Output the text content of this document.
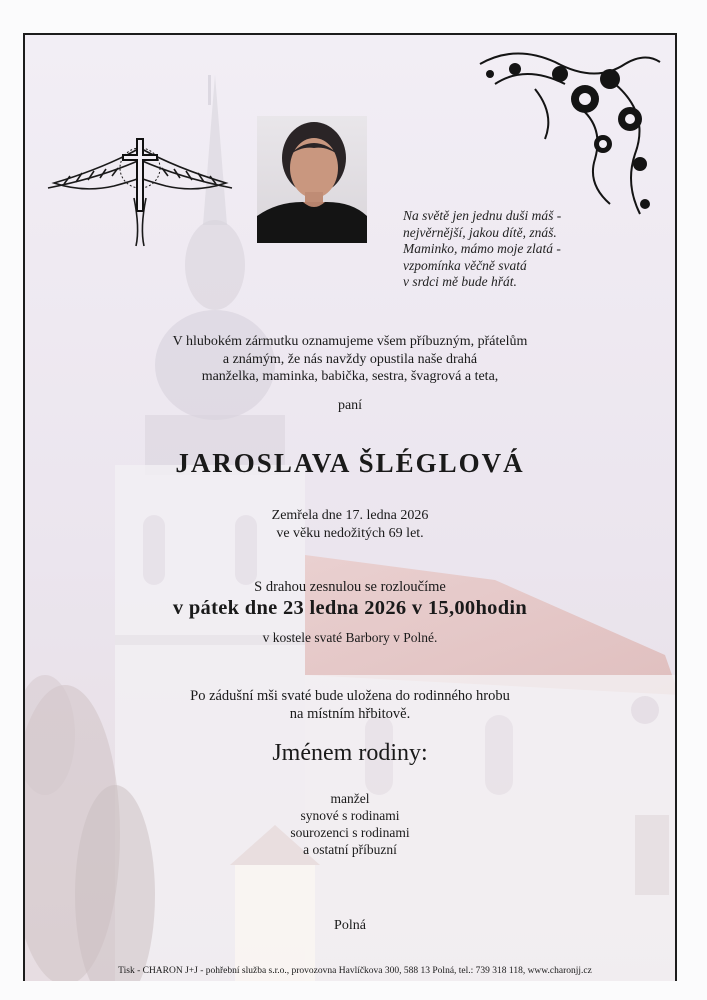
Na světě jen jednu duši máš -
nejvěrnější, jakou dítě, znáš.
Maminko, mámo moje zlatá -
vzpomínka věčně svatá
v srdci mě bude hřát.
V hlubokém zármutku oznamujeme všem příbuzným, přátelům
a známým, že nás navždy opustila naše drahá
manželka, maminka, babička, sestra, švagrová a teta,
paní
JAROSLAVA ŠLÉGLOVÁ
Zemřela dne 17. ledna 2026
ve věku nedožitých 69 let.
S drahou zesnulou se rozloučíme
v pátek dne 23 ledna 2026 v 15,00hodin
v kostele svaté Barbory v Polné.
Po zádušní mši svaté bude uložena do rodinného hrobu
na místním hřbitově.
Jménem rodiny:
manžel
synové s rodinami
sourozenci s rodinami
a ostatní příbuzní
Polná
Tisk - CHARON J+J - pohřební služba s.r.o., provozovna Havlíčkova 300, 588 13 Polná, tel.: 739 318 118, www.charonjj.cz
